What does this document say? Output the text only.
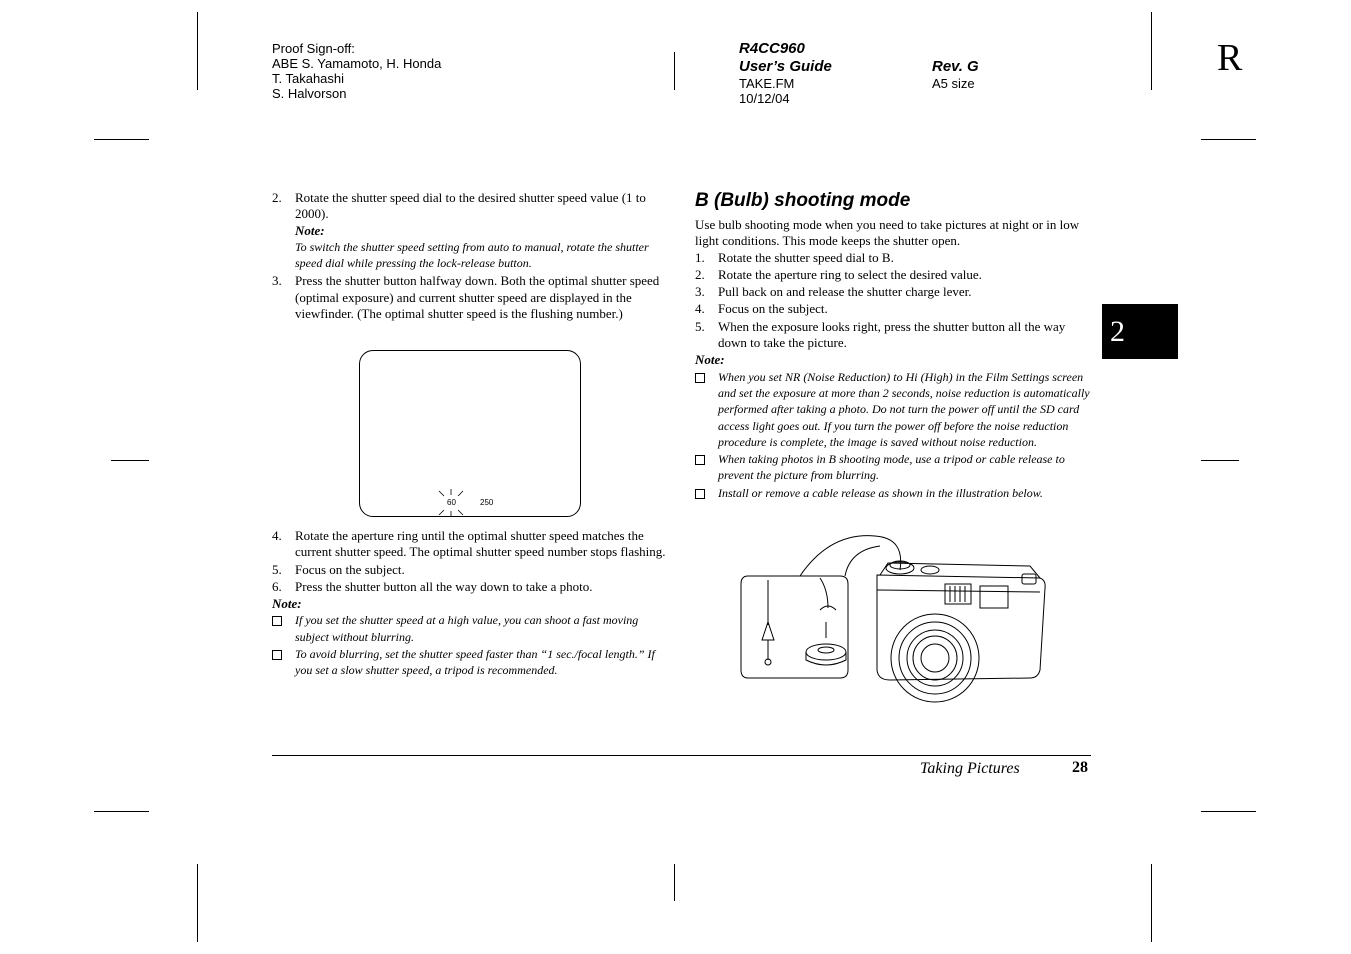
Proof Sign-off:
ABE S. Yamamoto, H. Honda
T. Takahashi
S. Halvorson
R4CC960
User’s Guide
TAKE.FM
10/12/04
Rev. G
A5 size
R
2
2. Rotate the shutter speed dial to the desired shutter speed value (1 to 2000).
Note:
To switch the shutter speed setting from auto to manual, rotate the shutter speed dial while pressing the lock-release button.
3. Press the shutter button halfway down. Both the optimal shutter speed (optimal exposure) and current shutter speed are displayed in the viewfinder. (The optimal shutter speed is the flushing number.)
60	250
4. Rotate the aperture ring until the optimal shutter speed matches the current shutter speed. The optimal shutter speed number stops flashing.
5. Focus on the subject.
6. Press the shutter button all the way down to take a photo.
Note:
If you set the shutter speed at a high value, you can shoot a fast moving subject without blurring.
To avoid blurring, set the shutter speed faster than “1 sec./focal length.” If you set a slow shutter speed, a tripod is recommended.
B (Bulb) shooting mode
Use bulb shooting mode when you need to take pictures at night or in low light conditions. This mode keeps the shutter open.
1. Rotate the shutter speed dial to B.
2. Rotate the aperture ring to select the desired value.
3. Pull back on and release the shutter charge lever.
4. Focus on the subject.
5. When the exposure looks right, press the shutter button all the way down to take the picture.
Note:
When you set NR (Noise Reduction) to Hi (High) in the Film Settings screen and set the exposure at more than 2 seconds, noise reduction is automatically performed after taking a photo. Do not turn the power off until the SD card access light goes out. If you turn the power off before the noise reduction procedure is complete, the image is saved without noise reduction.
When taking photos in B shooting mode, use a tripod or cable release to prevent the picture from blurring.
Install or remove a cable release as shown in the illustration below.
Taking Pictures	28
